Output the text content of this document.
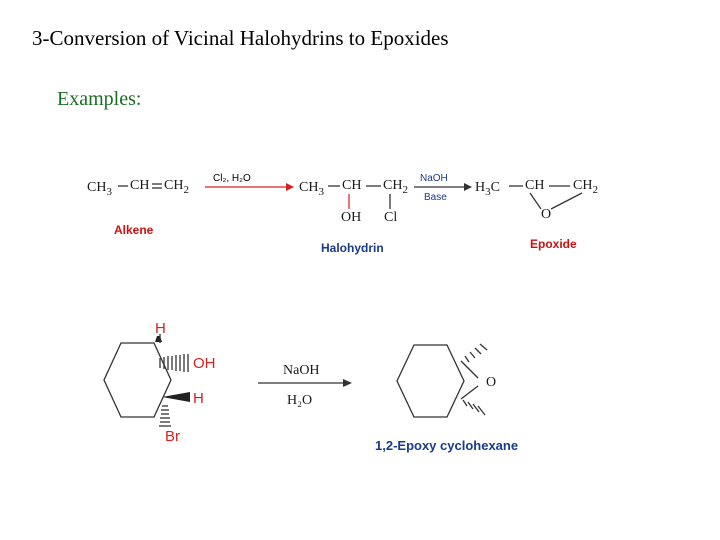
3-Conversion of Vicinal Halohydrins to Epoxides
Examples:
$CH_3$ CH $CH_2$
Alkene
Cl₂, H₂O
$CH_3$ CH $CH_2$
OH Cl
Halohydrin
NaOH
Base
$H_3C$ CH $CH_2$
O
Epoxide
H
OH
H
Br
NaOH
H₂O
O
1,2-Epoxy cyclohexane
